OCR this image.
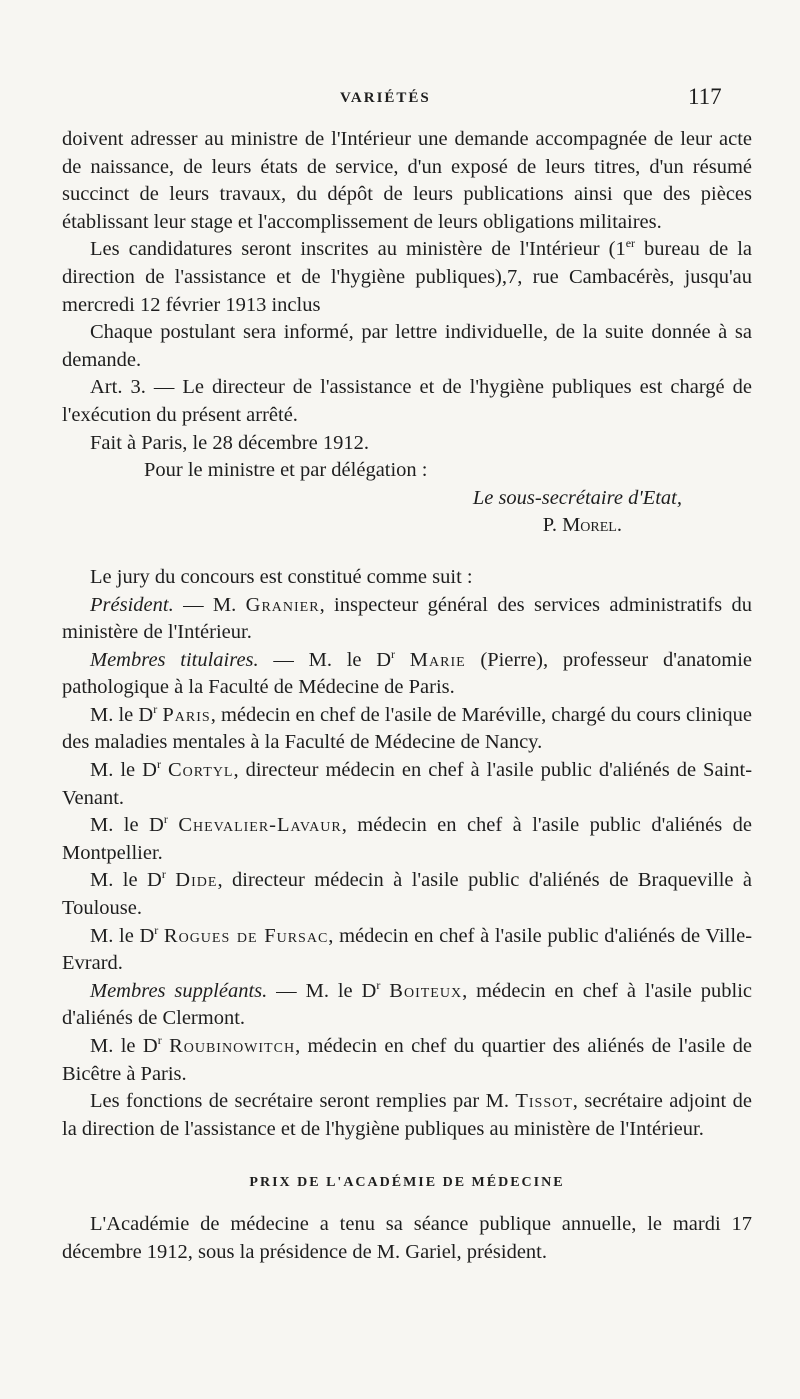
VARIÉTÉS	117

doivent adresser au ministre de l'Intérieur une demande accompagnée de leur acte de naissance, de leurs états de service, d'un exposé de leurs titres, d'un résumé succinct de leurs travaux, du dépôt de leurs publications ainsi que des pièces établissant leur stage et l'accomplissement de leurs obligations militaires.

Les candidatures seront inscrites au ministère de l'Intérieur (1er bureau de la direction de l'assistance et de l'hygiène publiques),7, rue Cambacérès, jusqu'au mercredi 12 février 1913 inclus

Chaque postulant sera informé, par lettre individuelle, de la suite donnée à sa demande.

Art. 3. — Le directeur de l'assistance et de l'hygiène publiques est chargé de l'exécution du présent arrêté.

Fait à Paris, le 28 décembre 1912.

Pour le ministre et par délégation :

Le sous-secrétaire d'Etat,

P. Morel.

Le jury du concours est constitué comme suit :

Président. — M. Granier, inspecteur général des services administratifs du ministère de l'Intérieur.

Membres titulaires. — M. le $D^r$ Marie (Pierre), professeur d'anatomie pathologique à la Faculté de Médecine de Paris.

M. le $D^r$ Paris, médecin en chef de l'asile de Maréville, chargé du cours clinique des maladies mentales à la Faculté de Médecine de Nancy.

M. le $D^r$ Cortyl, directeur médecin en chef à l'asile public d'aliénés de Saint-Venant.

M. le $D^r$ Chevalier-Lavaur, médecin en chef à l'asile public d'aliénés de Montpellier.

M. le $D^r$ Dide, directeur médecin à l'asile public d'aliénés de Braqueville à Toulouse.

M. le $D^r$ Rogues de Fursac, médecin en chef à l'asile public d'aliénés de Ville-Evrard.

Membres suppléants. — M. le $D^r$ Boiteux, médecin en chef à l'asile public d'aliénés de Clermont.

M. le $D^r$ Roubinowitch, médecin en chef du quartier des aliénés de l'asile de Bicêtre à Paris.

Les fonctions de secrétaire seront remplies par M. Tissot, secrétaire adjoint de la direction de l'assistance et de l'hygiène publiques au ministère de l'Intérieur.

PRIX DE L'ACADÉMIE DE MÉDECINE

L'Académie de médecine a tenu sa séance publique annuelle, le mardi 17 décembre 1912, sous la présidence de M. Gariel, président.
